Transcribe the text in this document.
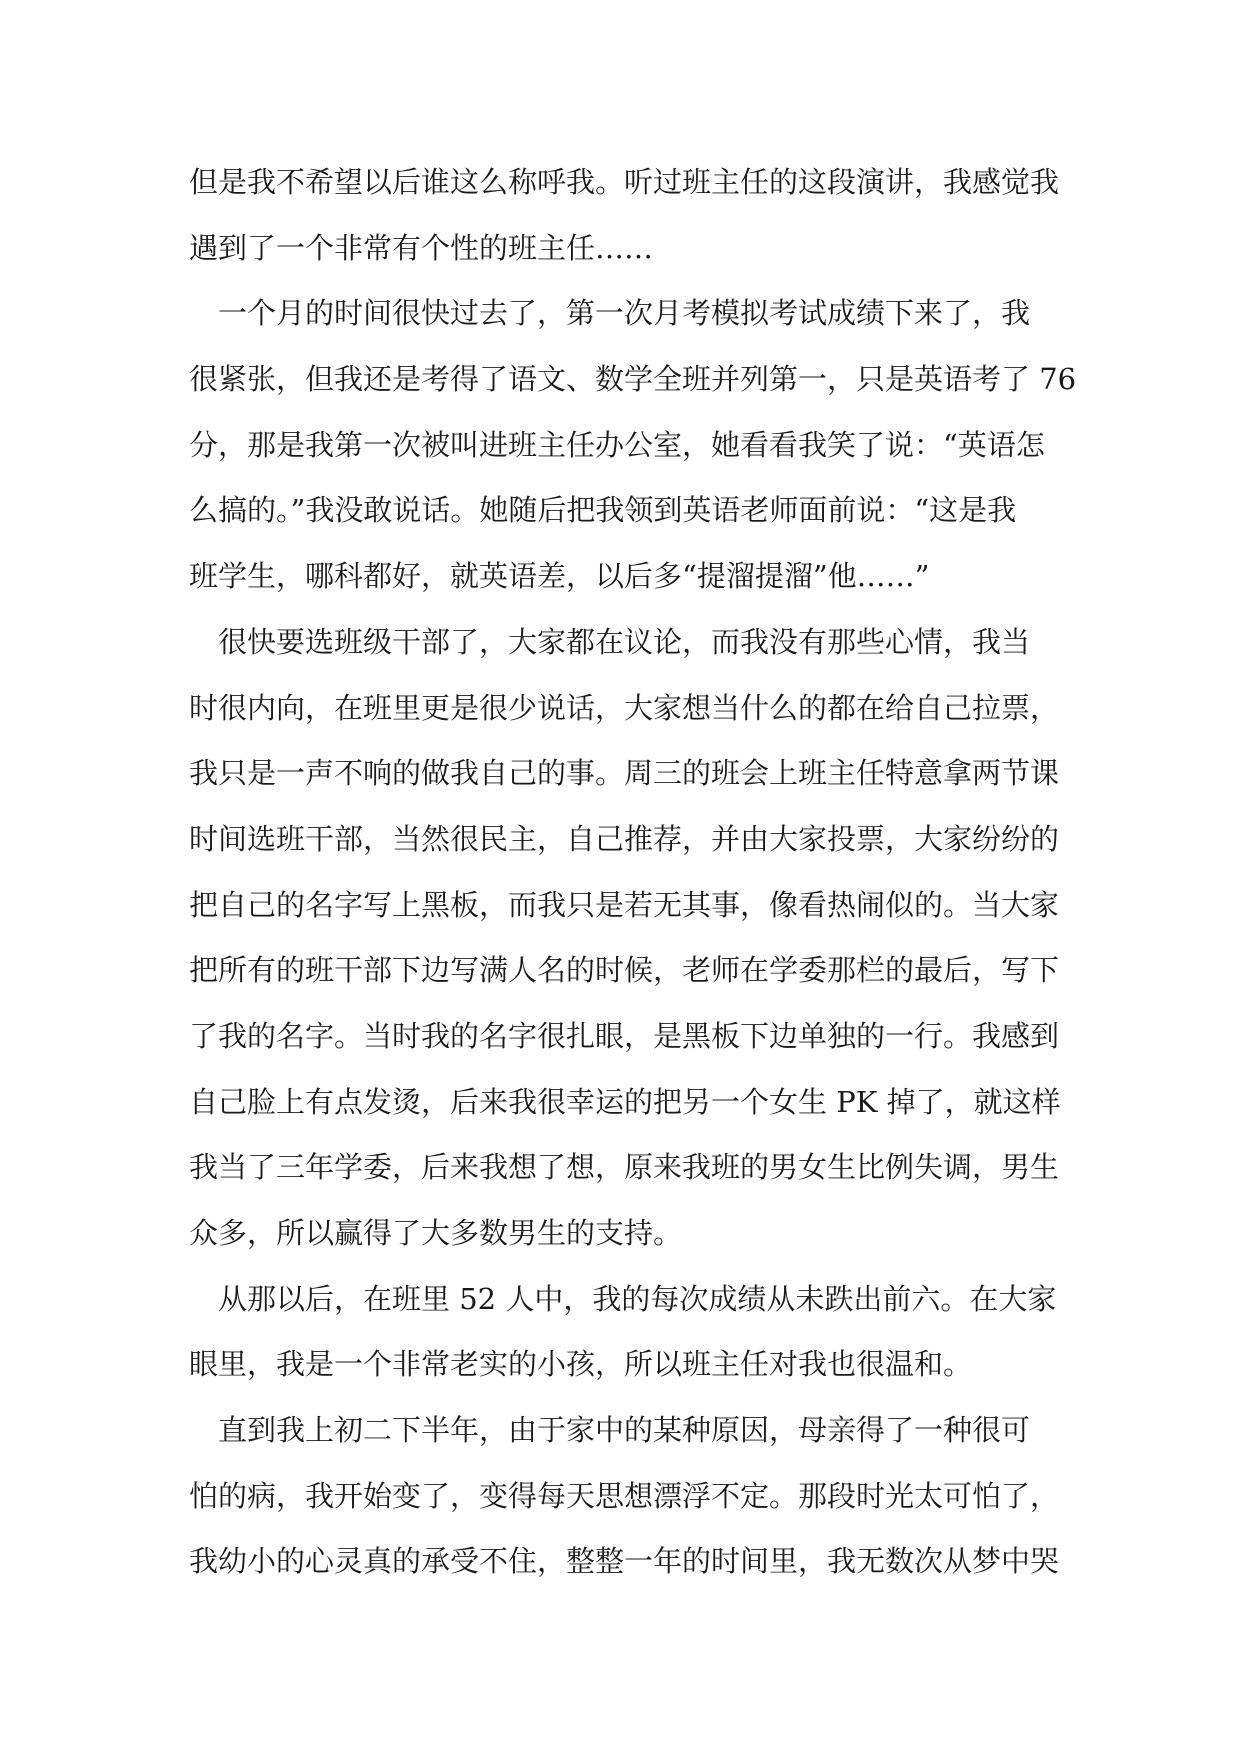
但是我不希望以后谁这么称呼我。听过班主任的这段演讲，我感觉我
遇到了一个非常有个性的班主任……
　一个月的时间很快过去了，第一次月考模拟考试成绩下来了，我
很紧张，但我还是考得了语文、数学全班并列第一，只是英语考了 76
分，那是我第一次被叫进班主任办公室，她看看我笑了说：“英语怎
么搞的。”我没敢说话。她随后把我领到英语老师面前说：“这是我
班学生，哪科都好，就英语差，以后多“提溜提溜”他……”
　很快要选班级干部了，大家都在议论，而我没有那些心情，我当
时很内向，在班里更是很少说话，大家想当什么的都在给自己拉票，
我只是一声不响的做我自己的事。周三的班会上班主任特意拿两节课
时间选班干部，当然很民主，自己推荐，并由大家投票，大家纷纷的
把自己的名字写上黑板，而我只是若无其事，像看热闹似的。当大家
把所有的班干部下边写满人名的时候，老师在学委那栏的最后，写下
了我的名字。当时我的名字很扎眼，是黑板下边单独的一行。我感到
自己脸上有点发烫，后来我很幸运的把另一个女生 PK 掉了，就这样
我当了三年学委，后来我想了想，原来我班的男女生比例失调，男生
众多，所以赢得了大多数男生的支持。
　从那以后，在班里 52 人中，我的每次成绩从未跌出前六。在大家
眼里，我是一个非常老实的小孩，所以班主任对我也很温和。
　直到我上初二下半年，由于家中的某种原因，母亲得了一种很可
怕的病，我开始变了，变得每天思想漂浮不定。那段时光太可怕了，
我幼小的心灵真的承受不住，整整一年的时间里，我无数次从梦中哭
